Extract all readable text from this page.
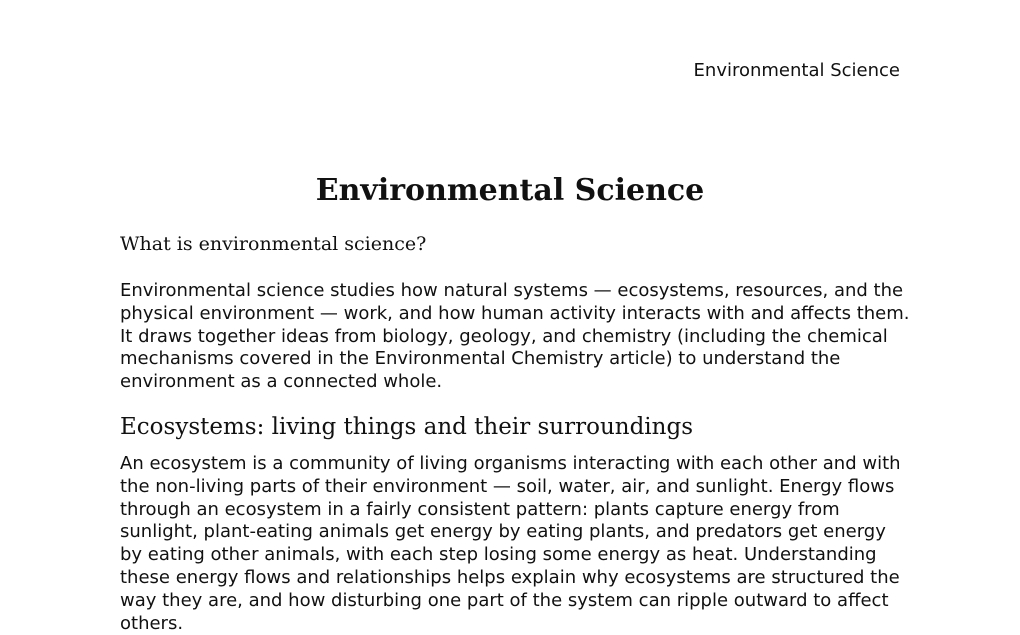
Environmental Science

Environmental Science
What is environmental science?

Environmental science studies how natural systems — ecosystems, resources, and the physical environment — work, and how human activity interacts with and affects them. It draws together ideas from biology, geology, and chemistry (including the chemical mechanisms covered in the Environmental Chemistry article) to understand the environment as a connected whole.

Ecosystems: living things and their surroundings

An ecosystem is a community of living organisms interacting with each other and with the non-living parts of their environment — soil, water, air, and sunlight. Energy flows through an ecosystem in a fairly consistent pattern: plants capture energy from sunlight, plant-eating animals get energy by eating plants, and predators get energy by eating other animals, with each step losing some energy as heat. Understanding these energy flows and relationships helps explain why ecosystems are structured the way they are, and how disturbing one part of the system can ripple outward to affect others.
